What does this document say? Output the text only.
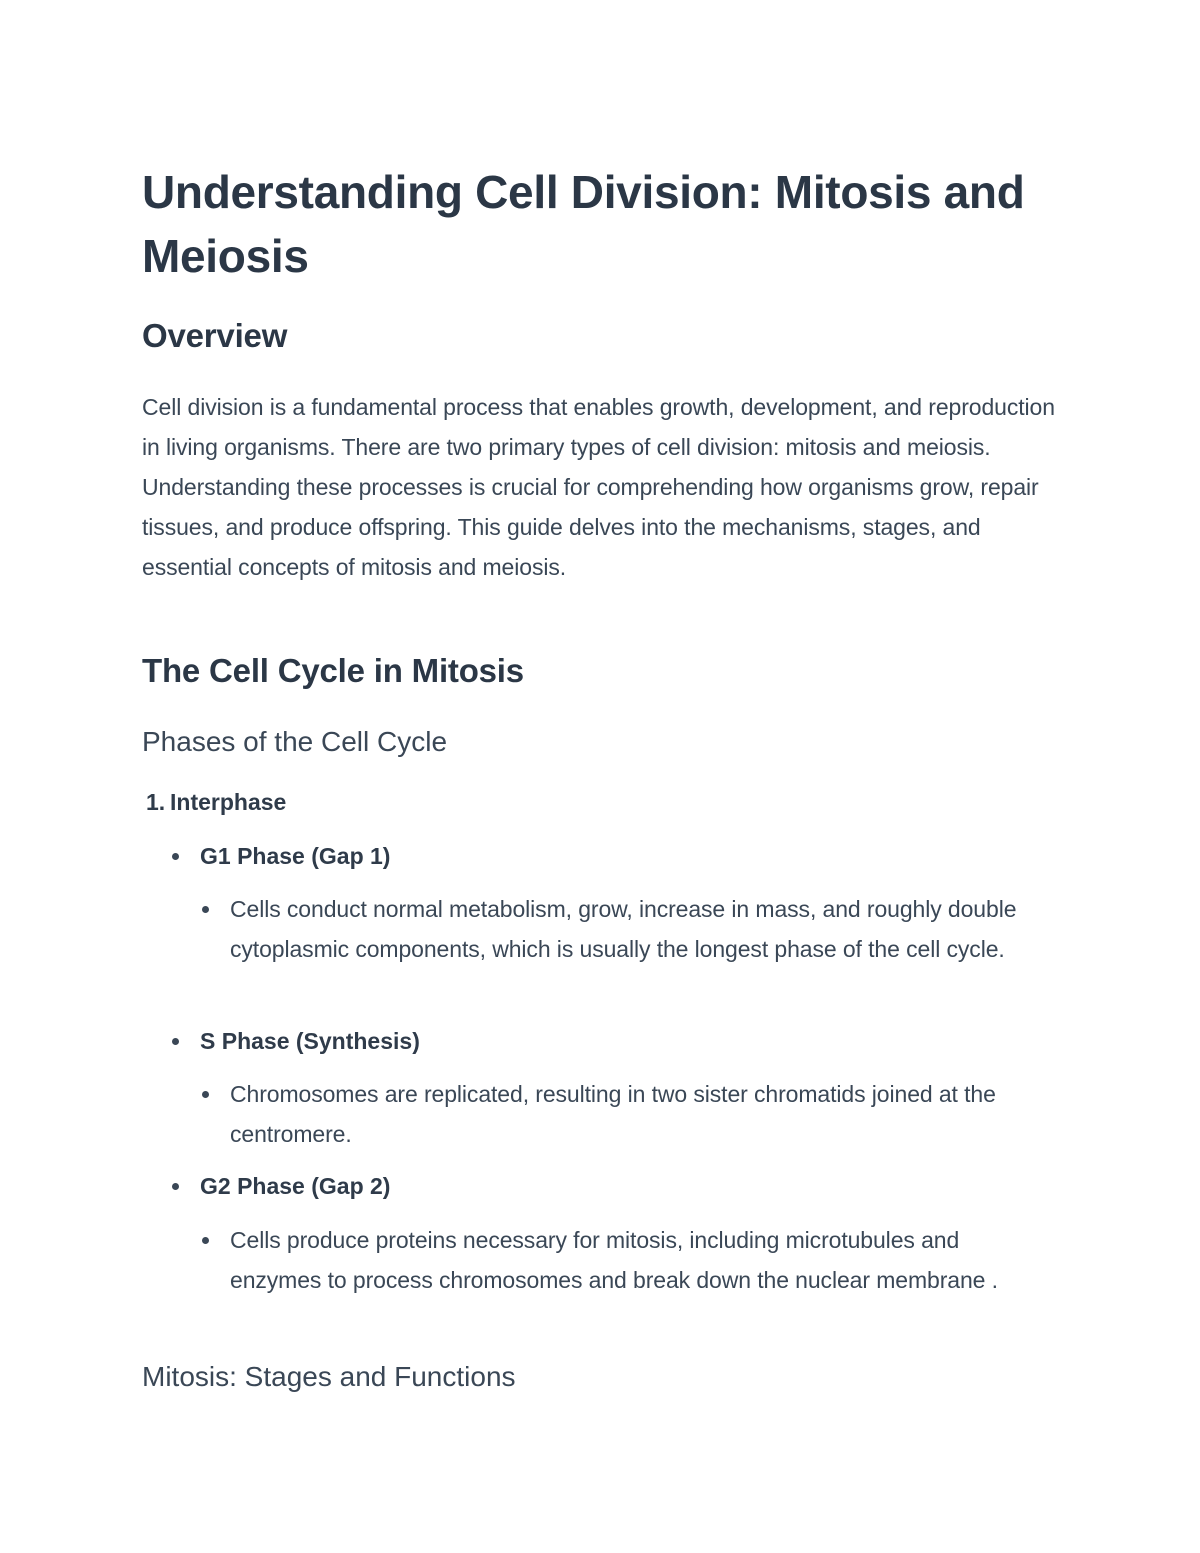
Understanding Cell Division: Mitosis and Meiosis
Overview

Cell division is a fundamental process that enables growth, development, and reproduction in living organisms. There are two primary types of cell division: mitosis and meiosis. Understanding these processes is crucial for comprehending how organisms grow, repair tissues, and produce offspring. This guide delves into the mechanisms, stages, and essential concepts of mitosis and meiosis.

The Cell Cycle in Mitosis
Phases of the Cell Cycle
1. Interphase
G1 Phase (Gap 1)
Cells conduct normal metabolism, grow, increase in mass, and roughly double cytoplasmic components, which is usually the longest phase of the cell cycle.
S Phase (Synthesis)
Chromosomes are replicated, resulting in two sister chromatids joined at the centromere.
G2 Phase (Gap 2)
Cells produce proteins necessary for mitosis, including microtubules and enzymes to process chromosomes and break down the nuclear membrane .
Mitosis: Stages and Functions
